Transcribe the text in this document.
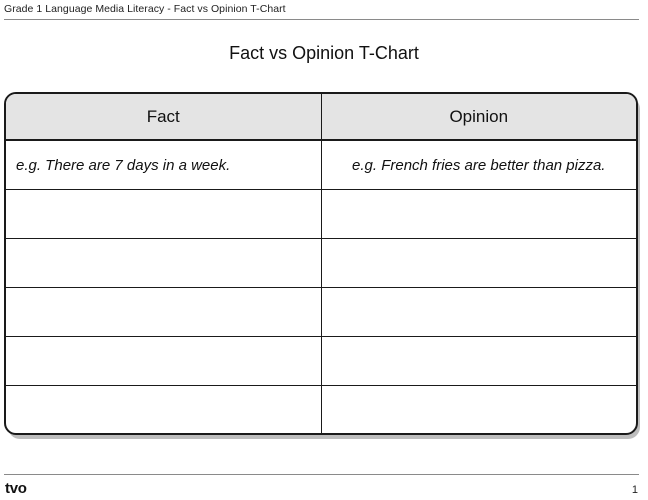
Grade 1 Language Media Literacy - Fact vs Opinion T-Chart
Fact vs Opinion T-Chart
Fact	Opinion
e.g. There are 7 days in a week.	e.g. French fries are better than pizza.

tvo	1
